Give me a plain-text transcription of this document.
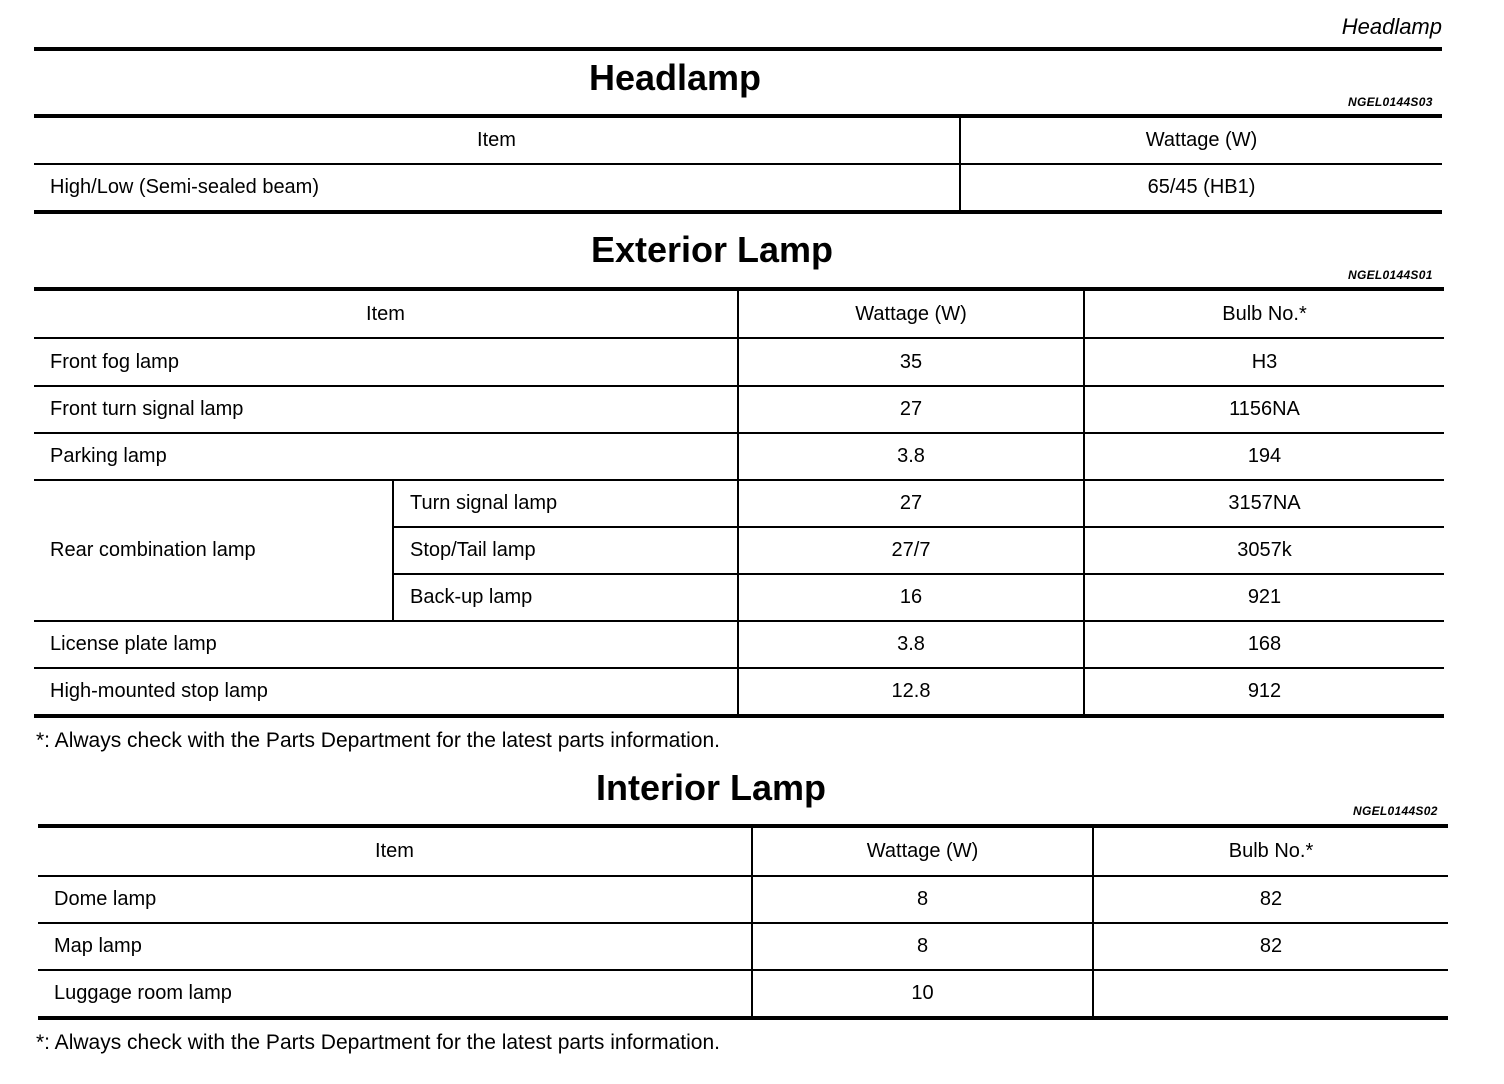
Headlamp
Headlamp
NGEL0144S03
Item	Wattage (W)
High/Low (Semi-sealed beam)	65/45 (HB1)
Exterior Lamp
NGEL0144S01
Item		Wattage (W)	Bulb No.*
Front fog lamp		35	H3
Front turn signal lamp		27	1156NA
Parking lamp		3.8	194
Rear combination lamp	Turn signal lamp	27	3157NA
	Stop/Tail lamp	27/7	3057k
	Back-up lamp	16	921
License plate lamp		3.8	168
High-mounted stop lamp		12.8	912
*: Always check with the Parts Department for the latest parts information.
Interior Lamp
NGEL0144S02
Item	Wattage (W)	Bulb No.*
Dome lamp	8	82
Map lamp	8	82
Luggage room lamp	10	
*: Always check with the Parts Department for the latest parts information.
